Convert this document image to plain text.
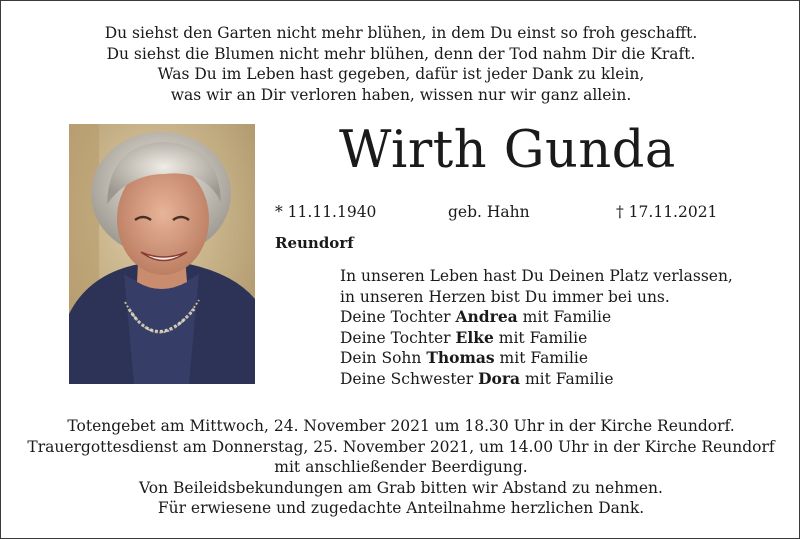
Du siehst den Garten nicht mehr blühen, in dem Du einst so froh geschafft.
Du siehst die Blumen nicht mehr blühen, denn der Tod nahm Dir die Kraft.
Was Du im Leben hast gegeben, dafür ist jeder Dank zu klein,
was wir an Dir verloren haben, wissen nur wir ganz allein.
Wirth Gunda
* 11.11.1940	geb. Hahn	† 17.11.2021
Reundorf
In unseren Leben hast Du Deinen Platz verlassen,
in unseren Herzen bist Du immer bei uns.
Deine Tochter Andrea mit Familie
Deine Tochter Elke mit Familie
Dein Sohn Thomas mit Familie
Deine Schwester Dora mit Familie
Totengebet am Mittwoch, 24. November 2021 um 18.30 Uhr in der Kirche Reundorf.
Trauergottesdienst am Donnerstag, 25. November 2021, um 14.00 Uhr in der Kirche Reundorf
mit anschließender Beerdigung.
Von Beileidsbekundungen am Grab bitten wir Abstand zu nehmen.
Für erwiesene und zugedachte Anteilnahme herzlichen Dank.
